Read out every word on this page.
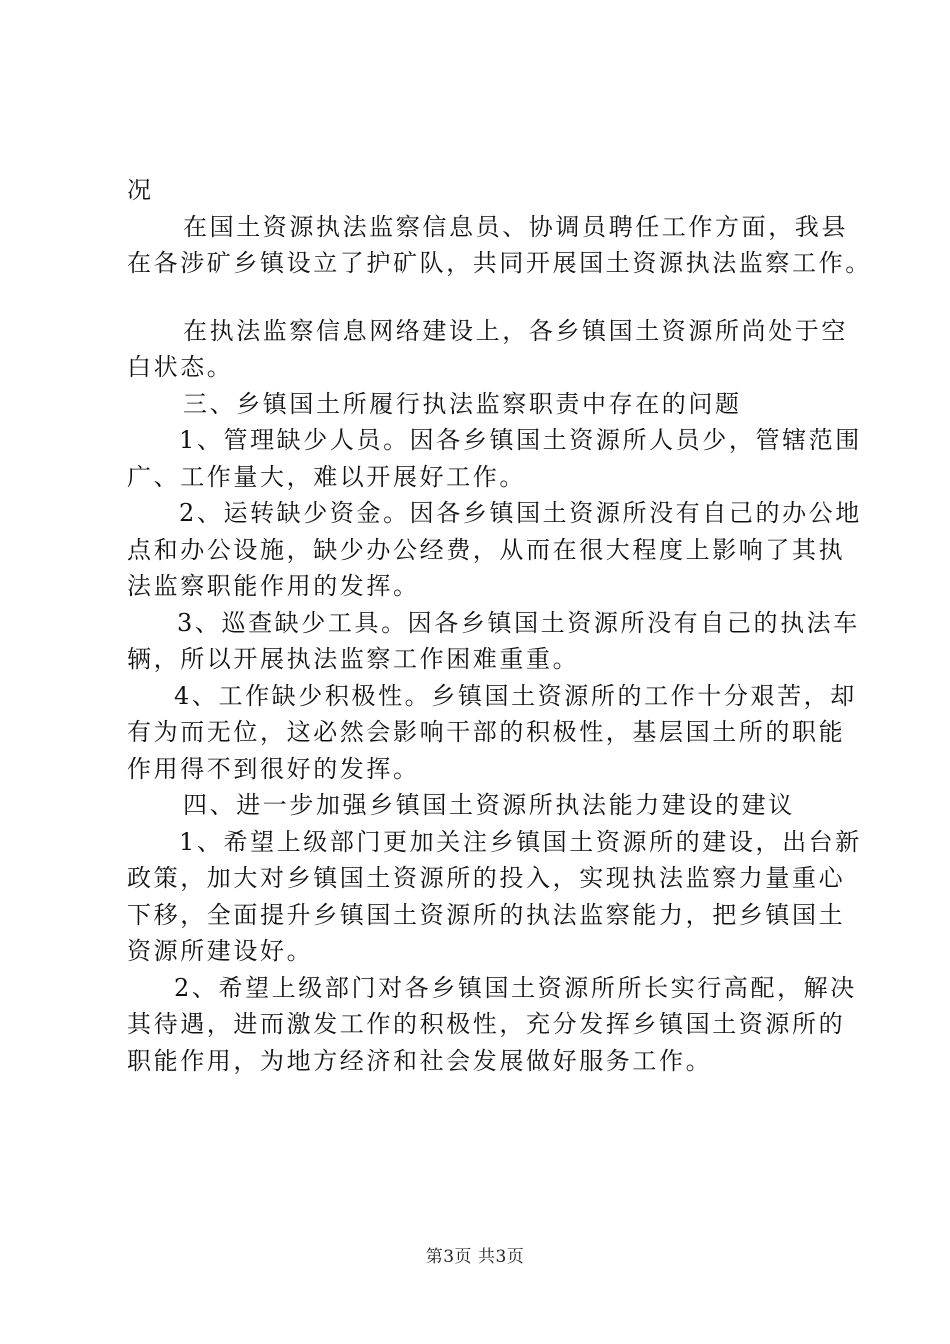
况
在国土资源执法监察信息员、协调员聘任工作方面，我县
在各涉矿乡镇设立了护矿队，共同开展国土资源执法监察工作。
在执法监察信息网络建设上，各乡镇国土资源所尚处于空
白状态。
三、乡镇国土所履行执法监察职责中存在的问题
1、管理缺少人员。因各乡镇国土资源所人员少，管辖范围
广、工作量大，难以开展好工作。
2、运转缺少资金。因各乡镇国土资源所没有自己的办公地
点和办公设施，缺少办公经费，从而在很大程度上影响了其执
法监察职能作用的发挥。
3、巡查缺少工具。因各乡镇国土资源所没有自己的执法车
辆，所以开展执法监察工作困难重重。
4、工作缺少积极性。乡镇国土资源所的工作十分艰苦，却
有为而无位，这必然会影响干部的积极性，基层国土所的职能
作用得不到很好的发挥。
四、进一步加强乡镇国土资源所执法能力建设的建议
1、希望上级部门更加关注乡镇国土资源所的建设，出台新
政策，加大对乡镇国土资源所的投入，实现执法监察力量重心
下移，全面提升乡镇国土资源所的执法监察能力，把乡镇国土
资源所建设好。
2、希望上级部门对各乡镇国土资源所所长实行高配，解决
其待遇，进而激发工作的积极性，充分发挥乡镇国土资源所的
职能作用，为地方经济和社会发展做好服务工作。
第3页 共3页
